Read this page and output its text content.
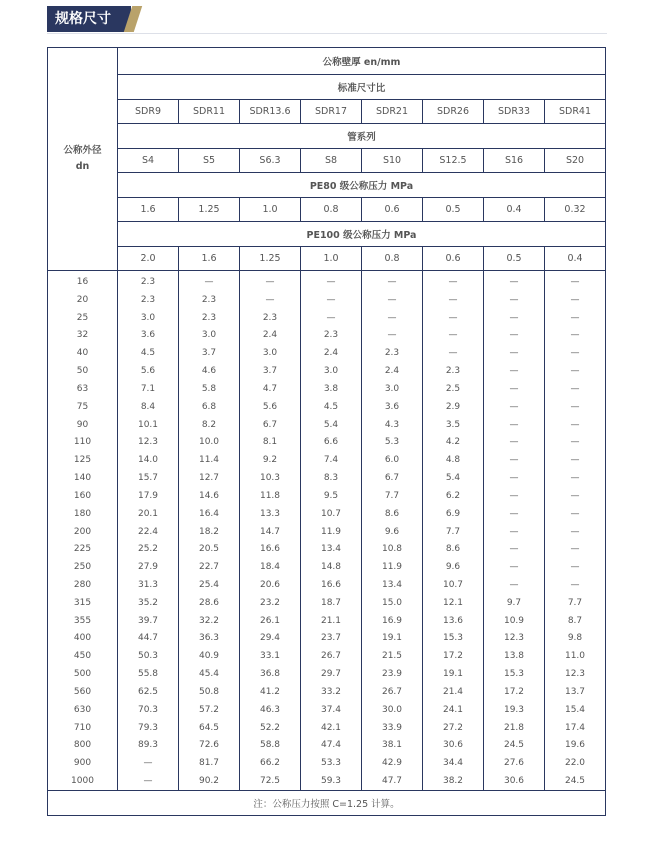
规格尺寸
公称外径
dn	公称壁厚 en/mm							
	标准尺寸比							
	SDR9	SDR11	SDR13.6	SDR17	SDR21	SDR26	SDR33	SDR41
	管系列							
	S4	S5	S6.3	S8	S10	S12.5	S16	S20
	PE80 级公称压力 MPa							
	1.6	1.25	1.0	0.8	0.6	0.5	0.4	0.32
	PE100 级公称压力 MPa							
	2.0	1.6	1.25	1.0	0.8	0.6	0.5	0.4
16	2.3	—	—	—	—	—	—	—
20	2.3	2.3	—	—	—	—	—	—
25	3.0	2.3	2.3	—	—	—	—	—
32	3.6	3.0	2.4	2.3	—	—	—	—
40	4.5	3.7	3.0	2.4	2.3	—	—	—
50	5.6	4.6	3.7	3.0	2.4	2.3	—	—
63	7.1	5.8	4.7	3.8	3.0	2.5	—	—
75	8.4	6.8	5.6	4.5	3.6	2.9	—	—
90	10.1	8.2	6.7	5.4	4.3	3.5	—	—
110	12.3	10.0	8.1	6.6	5.3	4.2	—	—
125	14.0	11.4	9.2	7.4	6.0	4.8	—	—
140	15.7	12.7	10.3	8.3	6.7	5.4	—	—
160	17.9	14.6	11.8	9.5	7.7	6.2	—	—
180	20.1	16.4	13.3	10.7	8.6	6.9	—	—
200	22.4	18.2	14.7	11.9	9.6	7.7	—	—
225	25.2	20.5	16.6	13.4	10.8	8.6	—	—
250	27.9	22.7	18.4	14.8	11.9	9.6	—	—
280	31.3	25.4	20.6	16.6	13.4	10.7	—	—
315	35.2	28.6	23.2	18.7	15.0	12.1	9.7	7.7
355	39.7	32.2	26.1	21.1	16.9	13.6	10.9	8.7
400	44.7	36.3	29.4	23.7	19.1	15.3	12.3	9.8
450	50.3	40.9	33.1	26.7	21.5	17.2	13.8	11.0
500	55.8	45.4	36.8	29.7	23.9	19.1	15.3	12.3
560	62.5	50.8	41.2	33.2	26.7	21.4	17.2	13.7
630	70.3	57.2	46.3	37.4	30.0	24.1	19.3	15.4
710	79.3	64.5	52.2	42.1	33.9	27.2	21.8	17.4
800	89.3	72.6	58.8	47.4	38.1	30.6	24.5	19.6
900	—	81.7	66.2	53.3	42.9	34.4	27.6	22.0
1000	—	90.2	72.5	59.3	47.7	38.2	30.6	24.5
注：公称压力按照 C=1.25 计算。								
